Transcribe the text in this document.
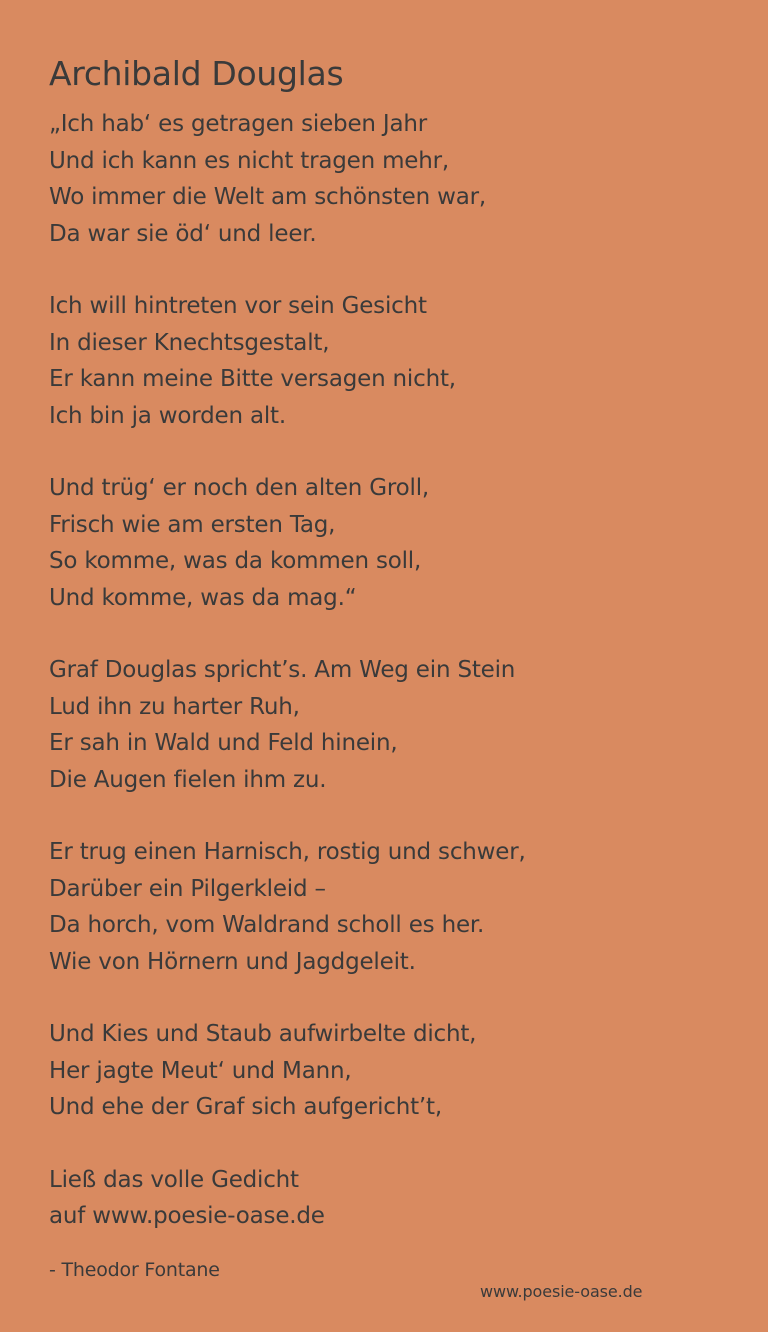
Archibald Douglas
„Ich hab‘ es getragen sieben Jahr
Und ich kann es nicht tragen mehr,
Wo immer die Welt am schönsten war,
Da war sie öd‘ und leer.
Ich will hintreten vor sein Gesicht
In dieser Knechtsgestalt,
Er kann meine Bitte versagen nicht,
Ich bin ja worden alt.
Und trüg‘ er noch den alten Groll,
Frisch wie am ersten Tag,
So komme, was da kommen soll,
Und komme, was da mag.“
Graf Douglas spricht’s. Am Weg ein Stein
Lud ihn zu harter Ruh,
Er sah in Wald und Feld hinein,
Die Augen fielen ihm zu.
Er trug einen Harnisch, rostig und schwer,
Darüber ein Pilgerkleid –
Da horch, vom Waldrand scholl es her.
Wie von Hörnern und Jagdgeleit.
Und Kies und Staub aufwirbelte dicht,
Her jagte Meut‘ und Mann,
Und ehe der Graf sich aufgericht’t,
Ließ das volle Gedicht
auf www.poesie-oase.de
- Theodor Fontane
www.poesie-oase.de
